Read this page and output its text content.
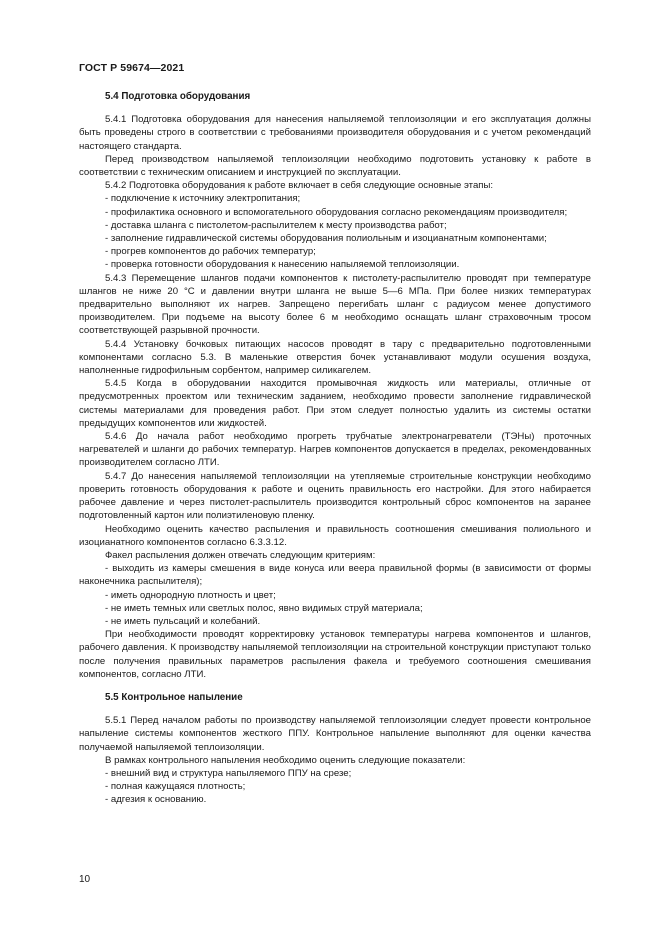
ГОСТ Р 59674—2021
5.4 Подготовка оборудования

5.4.1 Подготовка оборудования для нанесения напыляемой теплоизоляции и его эксплуатация должны быть проведены строго в соответствии с требованиями производителя оборудования и с учетом рекомендаций настоящего стандарта.

Перед производством напыляемой теплоизоляции необходимо подготовить установку к работе в соответствии с техническим описанием и инструкцией по эксплуатации.

5.4.2 Подготовка оборудования к работе включает в себя следующие основные этапы:

- подключение к источнику электропитания;

- профилактика основного и вспомогательного оборудования согласно рекомендациям производителя;

- доставка шланга с пистолетом-распылителем к месту производства работ;

- заполнение гидравлической системы оборудования полиольным и изоцианатным компонентами;

- прогрев компонентов до рабочих температур;

- проверка готовности оборудования к нанесению напыляемой теплоизоляции.

5.4.3 Перемещение шлангов подачи компонентов к пистолету-распылителю проводят при температуре шлангов не ниже 20 °С и давлении внутри шланга не выше 5—6 МПа. При более низких температурах предварительно выполняют их нагрев. Запрещено перегибать шланг с радиусом менее допустимого производителем. При подъеме на высоту более 6 м необходимо оснащать шланг страховочным тросом соответствующей разрывной прочности.

5.4.4 Установку бочковых питающих насосов проводят в тару с предварительно подготовленными компонентами согласно 5.3. В маленькие отверстия бочек устанавливают модули осушения воздуха, наполненные гидрофильным сорбентом, например силикагелем.

5.4.5 Когда в оборудовании находится промывочная жидкость или материалы, отличные от предусмотренных проектом или техническим заданием, необходимо провести заполнение гидравлической системы материалами для проведения работ. При этом следует полностью удалить из системы остатки предыдущих компонентов или жидкостей.

5.4.6 До начала работ необходимо прогреть трубчатые электронагреватели (ТЭНы) проточных нагревателей и шланги до рабочих температур. Нагрев компонентов допускается в пределах, рекомендованных производителем согласно ЛТИ.

5.4.7 До нанесения напыляемой теплоизоляции на утепляемые строительные конструкции необходимо проверить готовность оборудования к работе и оценить правильность его настройки. Для этого набирается рабочее давление и через пистолет-распылитель производится контрольный сброс компонентов на заранее подготовленный картон или полиэтиленовую пленку.

Необходимо оценить качество распыления и правильность соотношения смешивания полиольного и изоцианатного компонентов согласно 6.3.3.12.

Факел распыления должен отвечать следующим критериям:

- выходить из камеры смешения в виде конуса или веера правильной формы (в зависимости от формы наконечника распылителя);

- иметь однородную плотность и цвет;

- не иметь темных или светлых полос, явно видимых струй материала;

- не иметь пульсаций и колебаний.

При необходимости проводят корректировку установок температуры нагрева компонентов и шлангов, рабочего давления. К производству напыляемой теплоизоляции на строительной конструкции приступают только после получения правильных параметров распыления факела и требуемого соотношения смешивания компонентов, согласно ЛТИ.

5.5 Контрольное напыление

5.5.1 Перед началом работы по производству напыляемой теплоизоляции следует провести контрольное напыление системы компонентов жесткого ППУ. Контрольное напыление выполняют для оценки качества получаемой напыляемой теплоизоляции.

В рамках контрольного напыления необходимо оценить следующие показатели:

- внешний вид и структура напыляемого ППУ на срезе;

- полная кажущаяся плотность;

- адгезия к основанию.

10
